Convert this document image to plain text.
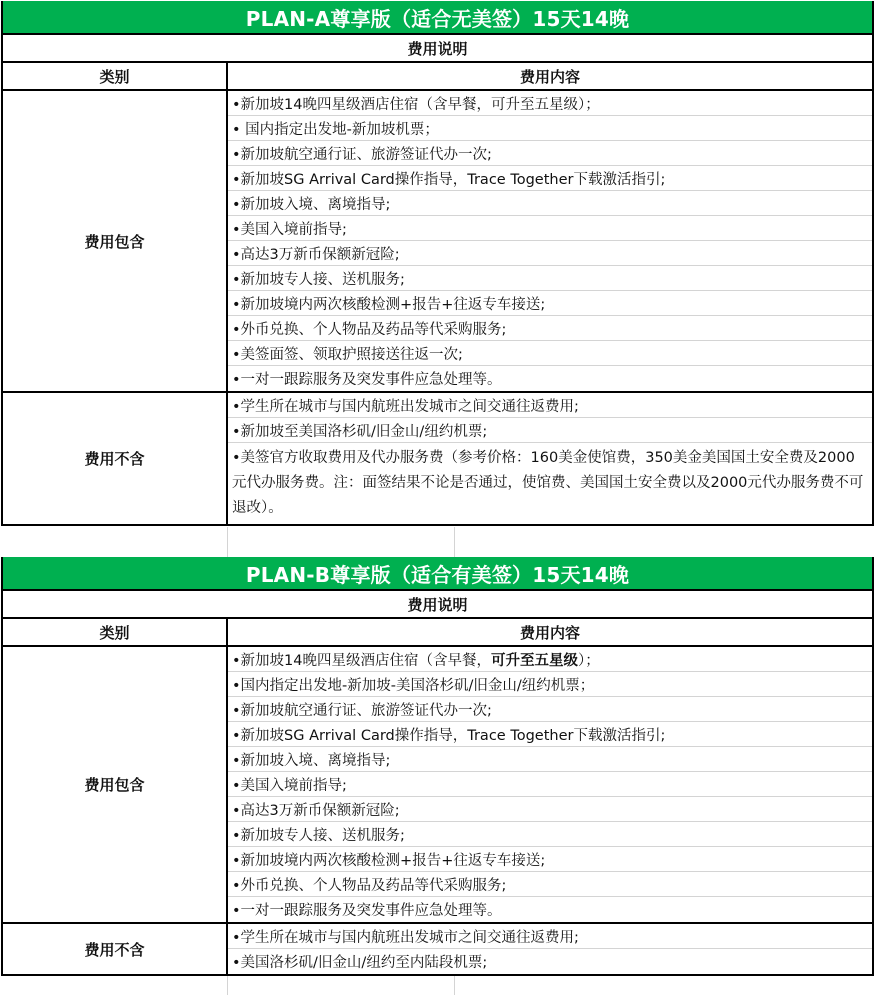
PLAN-A尊享版（适合无美签）15天14晚
费用说明
类别	费用内容
费用包含
•新加坡14晚四星级酒店住宿（含早餐，可升至五星级）；
• 国内指定出发地-新加坡机票；
•新加坡航空通行证、旅游签证代办一次;
•新加坡SG Arrival Card操作指导，Trace Together下载激活指引;
•新加坡入境、离境指导;
•美国入境前指导;
•高达3万新币保额新冠险;
•新加坡专人接、送机服务;
•新加坡境内两次核酸检测+报告+往返专车接送;
•外币兑换、个人物品及药品等代采购服务;
•美签面签、领取护照接送往返一次;
•一对一跟踪服务及突发事件应急处理等。
费用不含
•学生所在城市与国内航班出发城市之间交通往返费用;
•新加坡至美国洛杉矶/旧金山/纽约机票;
•美签官方收取费用及代办服务费（参考价格：160美金使馆费，350美金美国国土安全费及2000元代办服务费。注：面签结果不论是否通过，使馆费、美国国土安全费以及2000元代办服务费不可退改）。
PLAN-B尊享版（适合有美签）15天14晚
费用说明
类别	费用内容
费用包含
•新加坡14晚四星级酒店住宿（含早餐， 可升至五星级 ）；
•国内指定出发地-新加坡-美国洛杉矶/旧金山/纽约机票；
•新加坡航空通行证、旅游签证代办一次;
•新加坡SG Arrival Card操作指导，Trace Together下载激活指引;
•新加坡入境、离境指导;
•美国入境前指导;
•高达3万新币保额新冠险;
•新加坡专人接、送机服务;
•新加坡境内两次核酸检测+报告+往返专车接送;
•外币兑换、个人物品及药品等代采购服务;
•一对一跟踪服务及突发事件应急处理等。
费用不含
•学生所在城市与国内航班出发城市之间交通往返费用;
•美国洛杉矶/旧金山/纽约至内陆段机票;
